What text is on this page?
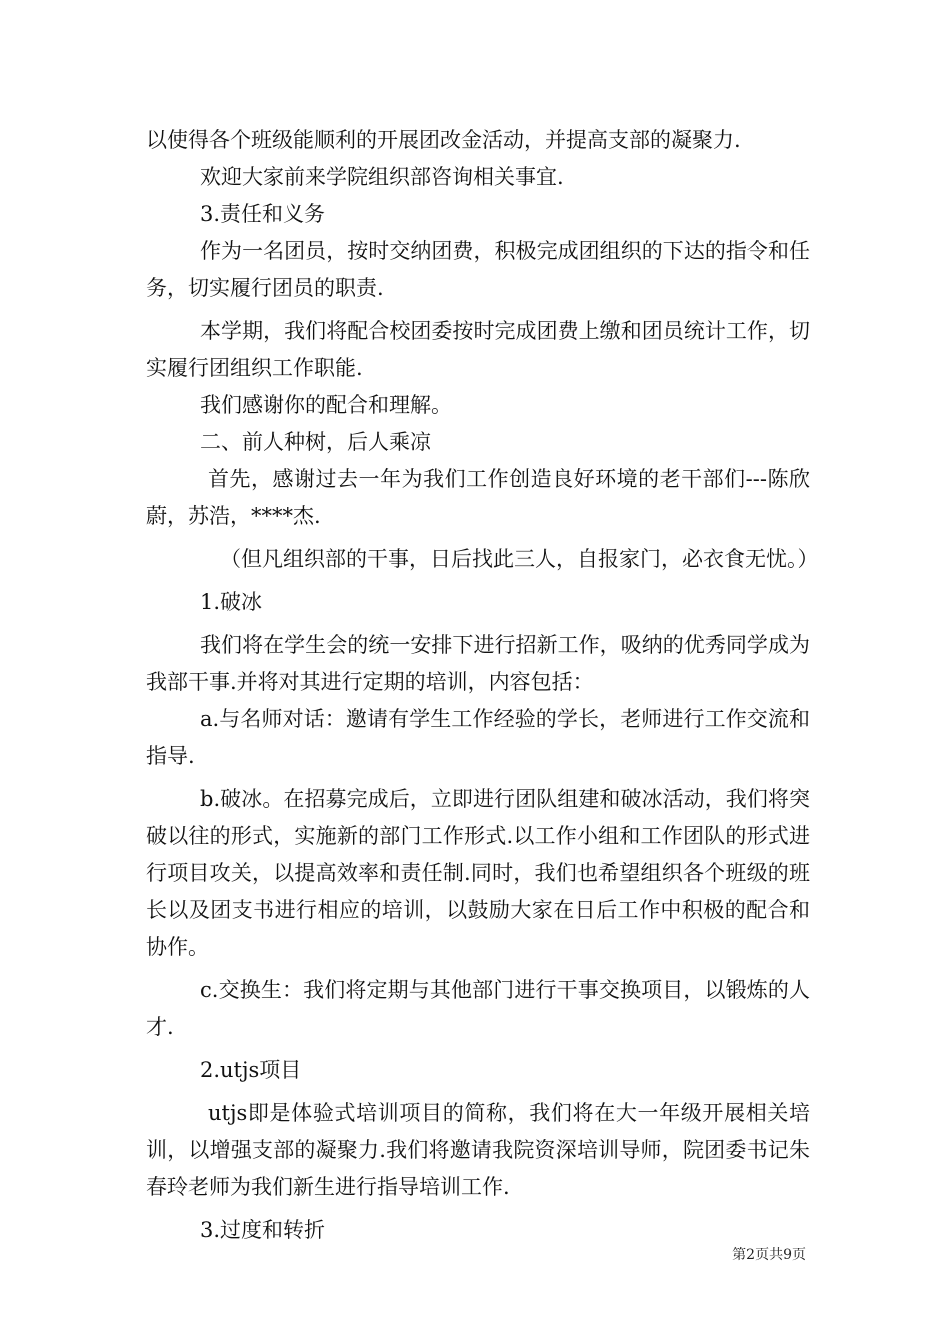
以使得各个班级能顺利的开展团改金活动，并提高支部的凝聚力.

欢迎大家前来学院组织部咨询相关事宜.

3.责任和义务

作为一名团员，按时交纳团费，积极完成团组织的下达的指令和任务，切实履行团员的职责.

本学期，我们将配合校团委按时完成团费上缴和团员统计工作，切实履行团组织工作职能.

我们感谢你的配合和理解。

二、前人种树，后人乘凉

首先，感谢过去一年为我们工作创造良好环境的老干部们---陈欣蔚，苏浩，****杰.

（但凡组织部的干事，日后找此三人，自报家门，必衣食无忧。）

1.破冰

我们将在学生会的统一安排下进行招新工作，吸纳的优秀同学成为我部干事.并将对其进行定期的培训，内容包括：

a.与名师对话：邀请有学生工作经验的学长，老师进行工作交流和指导.

b.破冰。在招募完成后，立即进行团队组建和破冰活动，我们将突破以往的形式，实施新的部门工作形式.以工作小组和工作团队的形式进行项目攻关，以提高效率和责任制.同时，我们也希望组织各个班级的班长以及团支书进行相应的培训，以鼓励大家在日后工作中积极的配合和协作。

c.交换生：我们将定期与其他部门进行干事交换项目，以锻炼的人才.

2.utjs项目

utjs即是体验式培训项目的简称，我们将在大一年级开展相关培训，以增强支部的凝聚力.我们将邀请我院资深培训导师，院团委书记朱春玲老师为我们新生进行指导培训工作.

3.过度和转折

第2页共9页
